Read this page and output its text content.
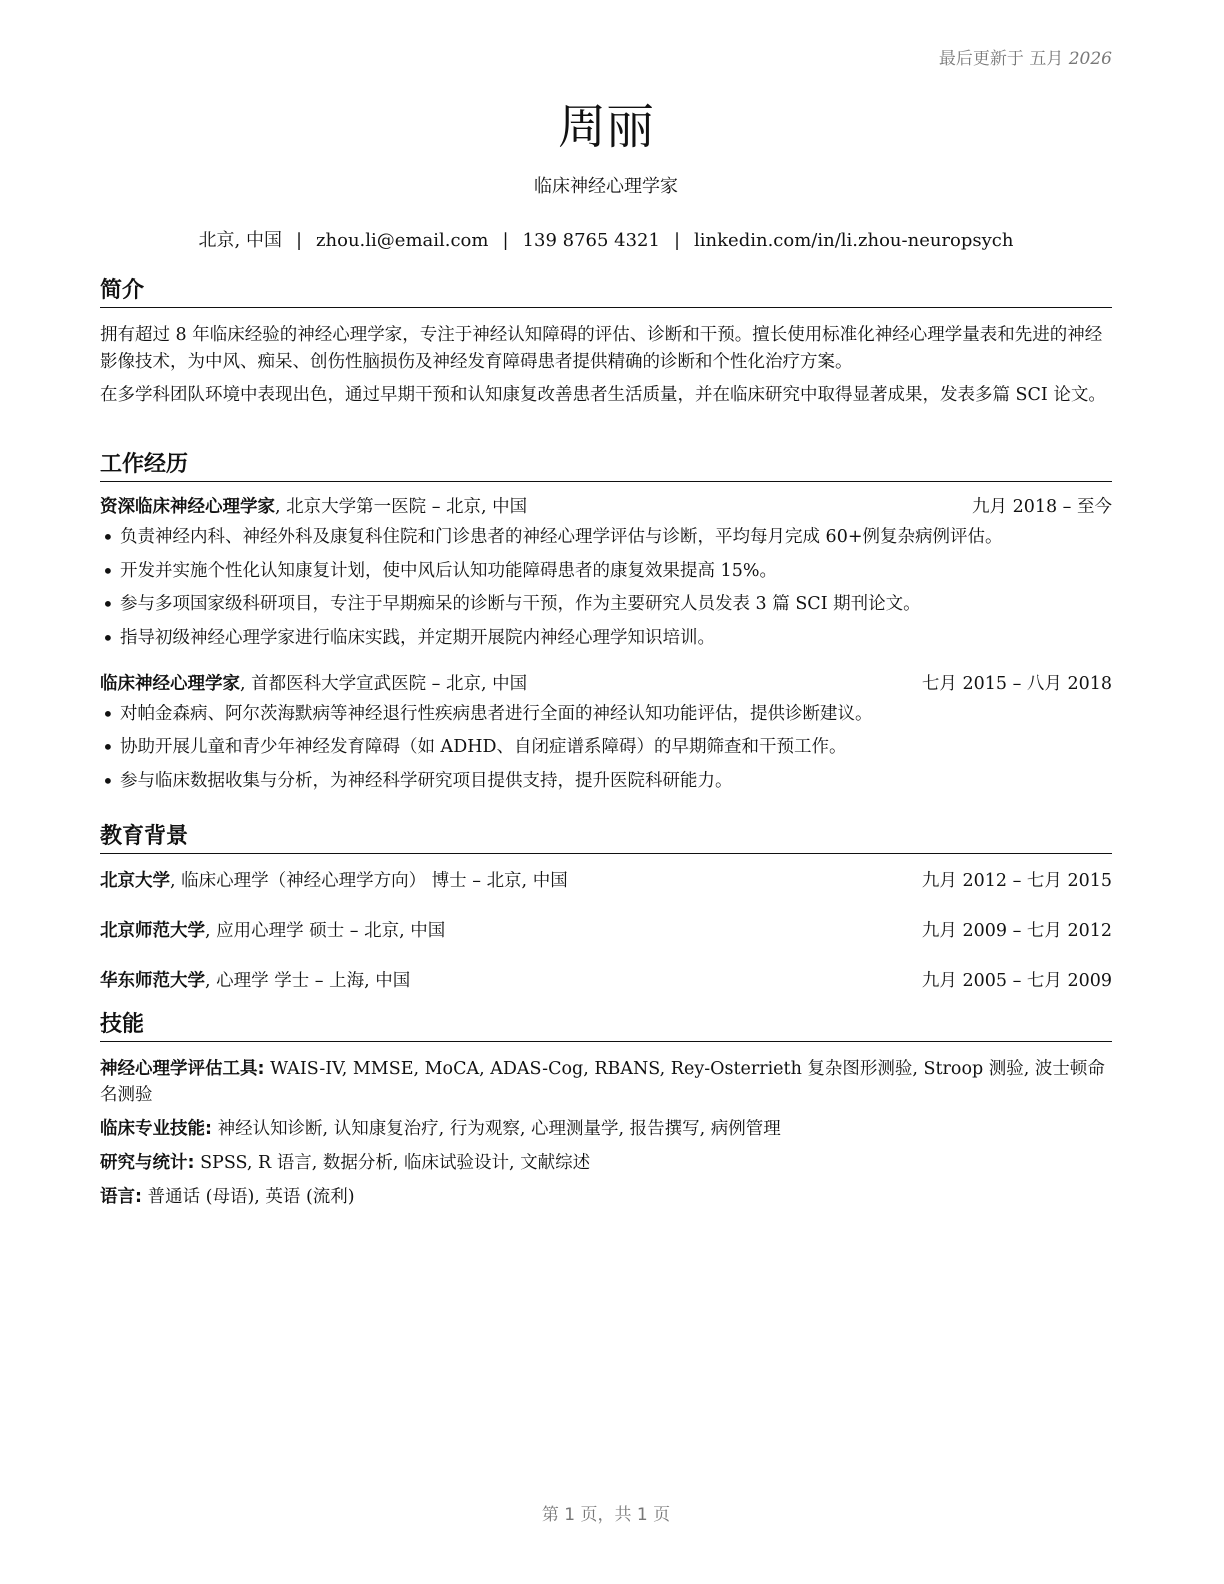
最后更新于 五月 2026
周丽
临床神经心理学家
北京, 中国 | zhou.li@email.com | 139 8765 4321 | linkedin.com/in/li.zhou-neuropsych
简介
拥有超过 8 年临床经验的神经心理学家，专注于神经认知障碍的评估、诊断和干预。擅长使用标准化神经心理学量表和先进的神经影像技术，为中风、痴呆、创伤性脑损伤及神经发育障碍患者提供精确的诊断和个性化治疗方案。
在多学科团队环境中表现出色，通过早期干预和认知康复改善患者生活质量，并在临床研究中取得显著成果，发表多篇 SCI 论文。
工作经历
资深临床神经心理学家, 北京大学第一医院 – 北京, 中国	九月 2018 – 至今
• 负责神经内科、神经外科及康复科住院和门诊患者的神经心理学评估与诊断，平均每月完成 60+例复杂病例评估。
• 开发并实施个性化认知康复计划，使中风后认知功能障碍患者的康复效果提高 15%。
• 参与多项国家级科研项目，专注于早期痴呆的诊断与干预，作为主要研究人员发表 3 篇 SCI 期刊论文。
• 指导初级神经心理学家进行临床实践，并定期开展院内神经心理学知识培训。
临床神经心理学家, 首都医科大学宣武医院 – 北京, 中国	七月 2015 – 八月 2018
• 对帕金森病、阿尔茨海默病等神经退行性疾病患者进行全面的神经认知功能评估，提供诊断建议。
• 协助开展儿童和青少年神经发育障碍（如 ADHD、自闭症谱系障碍）的早期筛查和干预工作。
• 参与临床数据收集与分析，为神经科学研究项目提供支持，提升医院科研能力。
教育背景
北京大学, 临床心理学（神经心理学方向） 博士 – 北京, 中国	九月 2012 – 七月 2015
北京师范大学, 应用心理学 硕士 – 北京, 中国	九月 2009 – 七月 2012
华东师范大学, 心理学 学士 – 上海, 中国	九月 2005 – 七月 2009
技能
神经心理学评估工具: WAIS-IV, MMSE, MoCA, ADAS-Cog, RBANS, Rey-Osterrieth 复杂图形测验, Stroop 测验, 波士顿命名测验
临床专业技能: 神经认知诊断, 认知康复治疗, 行为观察, 心理测量学, 报告撰写, 病例管理
研究与统计: SPSS, R 语言, 数据分析, 临床试验设计, 文献综述
语言: 普通话 (母语), 英语 (流利)
第 1 页，共 1 页
